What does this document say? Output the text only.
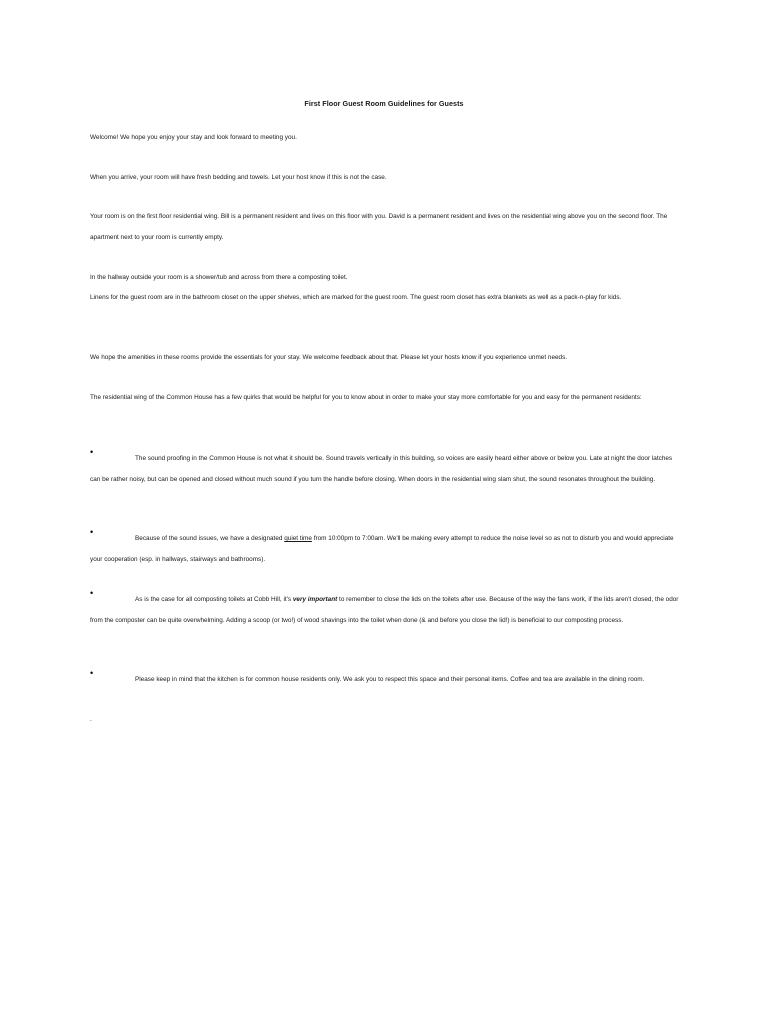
First Floor Guest Room Guidelines for Guests

Welcome! We hope you enjoy your stay and look forward to meeting you.

When you arrive, your room will have fresh bedding and towels. Let your host know if this is not the case.

Your room is on the first floor residential wing. Bill is a permanent resident and lives on this floor with you. David is a permanent resident and lives on the residential wing above you on the second floor. The apartment next to your room is currently empty.

In the hallway outside your room is a shower/tub and across from there a composting toilet.
Linens for the guest room are in the bathroom closet on the upper shelves, which are marked for the guest room. The guest room closet has extra blankets as well as a pack-n-play for kids.

We hope the amenities in these rooms provide the essentials for your stay. We welcome feedback about that. Please let your hosts know if you experience unmet needs.

The residential wing of the Common House has a few quirks that would be helpful for you to know about in order to make your stay more comfortable for you and easy for the permanent residents:

•
The sound proofing in the Common House is not what it should be. Sound travels vertically in this building, so voices are easily heard either above or below you. Late at night the door latches can be rather noisy, but can be opened and closed without much sound if you turn the handle before closing. When doors in the residential wing slam shut, the sound resonates throughout the building.
•
Because of the sound issues, we have a designated quiet time from 10:00pm to 7:00am. We'll be making every attempt to reduce the noise level so as not to disturb you and would appreciate your cooperation (esp. in hallways, stairways and bathrooms).
•
As is the case for all composting toilets at Cobb Hill, it's very important to remember to close the lids on the toilets after use. Because of the way the fans work, if the lids aren't closed, the odor from the composter can be quite overwhelming. Adding a scoop (or two!) of wood shavings into the toilet when done (& and before you close the lid!) is beneficial to our composting process.
•
Please keep in mind that the kitchen is for common house residents only. We ask you to respect this space and their personal items. Coffee and tea are available in the dining room.
.
